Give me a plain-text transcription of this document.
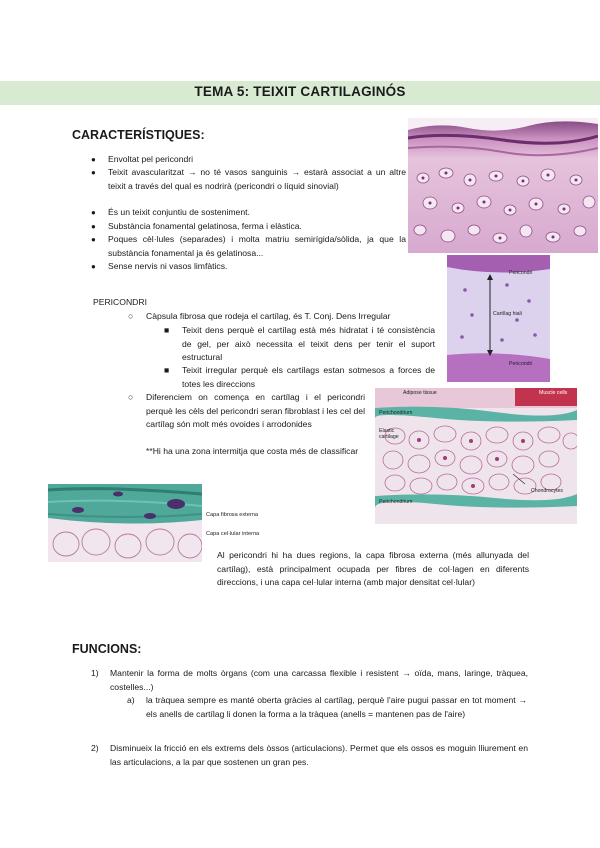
TEMA 5: TEIXIT CARTILAGINÓS
CARACTERÍSTIQUES:
● Envoltat pel pericondri
● Teixit avascularitzat → no té vasos sanguinis → estarà associat a un altre teixit a través del qual es nodrirà (pericondri o líquid sinovial)
● És un teixit conjuntiu de sosteniment.
● Substància fonamental gelatinosa, ferma i elàstica.
● Poques cèl·lules (separades) i molta matriu semirígida/sòlida, ja que la substància fonamental ja és gelatinosa...
● Sense nervis ni vasos limfàtics.
Pericondri
Cartílag hiali
Pericondri
PERICONDRI
○ Càpsula fibrosa que rodeja el cartílag, és T. Conj. Dens Irregular
■ Teixit dens perquè el cartílag està més hidratat i té consistència de gel, per això necessita el teixit dens per tenir el suport estructural
■ Teixit irregular perquè els cartílags estan sotmesos a forces de totes les direccions
○ Diferenciem on comença en cartílag i el pericondri perquè les cèls del pericondri seran fibroblast i les cel del cartílag són molt més ovoides i arrodonides
**Hi ha una zona intermitja que costa més de classificar
Adipose tissue	Muscle cells
Perichondrium
Elastic cartilage
Chondrocytes
Perichondrium
Capa fibrosa externa
Capa cel·lular interna
Al pericondri hi ha dues regions, la capa fibrosa externa (més allunyada del cartílag), està principalment ocupada per fibres de col·lagen en diferents direccions, i una capa cel·lular interna (amb major densitat cel·lular)
FUNCIONS:
1) Mantenir la forma de molts òrgans (com una carcassa flexible i resistent → oïda, mans, laringe, tràquea, costelles...)
a) la tràquea sempre es manté oberta gràcies al cartílag, perquè l'aire pugui passar en tot moment → els anells de cartílag li donen la forma a la tràquea (anells = mantenen pas de l'aire)
2) Disminueix la fricció en els extrems dels òssos (articulacions). Permet que els ossos es moguin lliurement en las articulacions, a la par que sostenen un gran pes.
